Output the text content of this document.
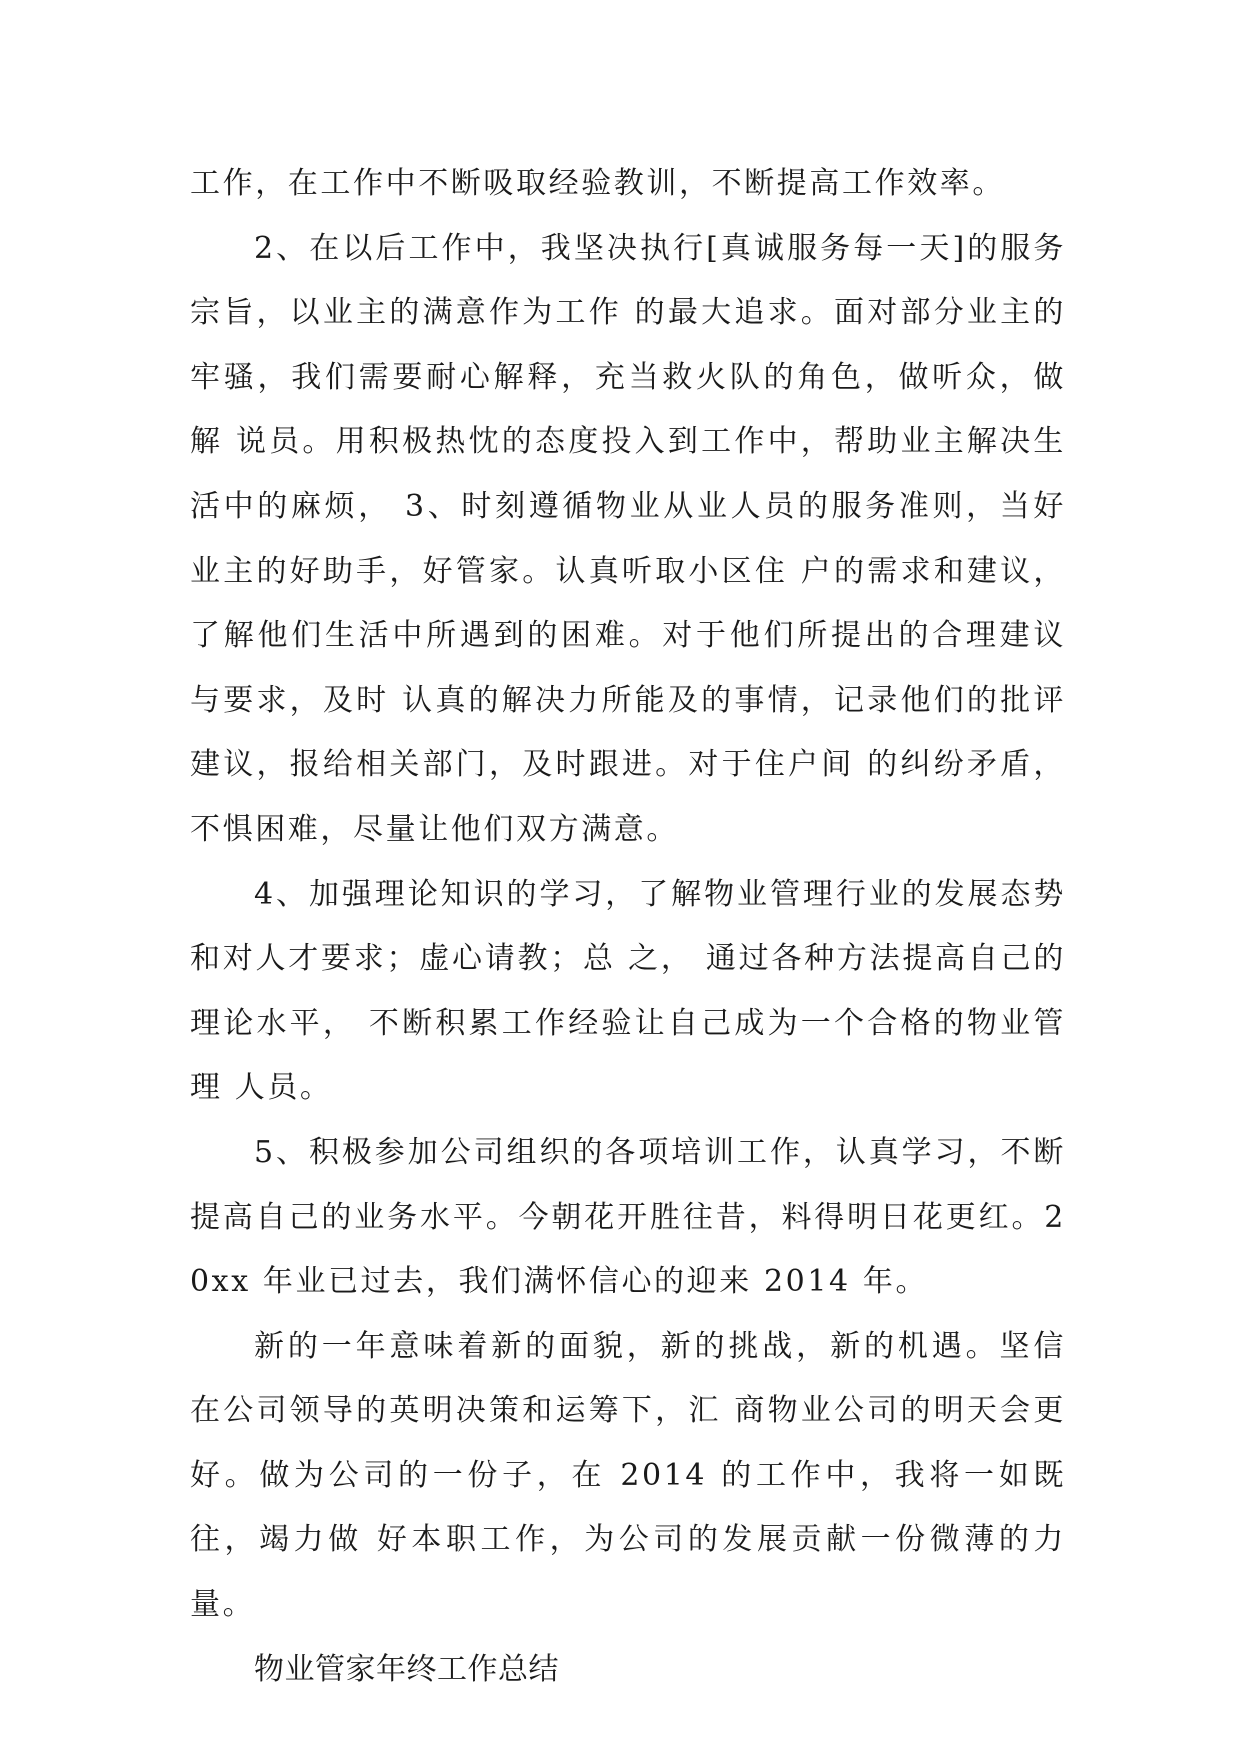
工作，在工作中不断吸取经验教训，不断提高工作效率。

2、在以后工作中，我坚决执行[真诚服务每一天]的服务宗旨，以业主的满意作为工作 的最大追求。面对部分业主的牢骚，我们需要耐心解释，充当救火队的角色，做听众，做解 说员。用积极热忱的态度投入到工作中，帮助业主解决生活中的麻烦， 3、时刻遵循物业从业人员的服务准则，当好业主的好助手，好管家。认真听取小区住 户的需求和建议，了解他们生活中所遇到的困难。对于他们所提出的合理建议与要求，及时 认真的解决力所能及的事情，记录他们的批评建议，报给相关部门，及时跟进。对于住户间 的纠纷矛盾，不惧困难，尽量让他们双方满意。

4、加强理论知识的学习，了解物业管理行业的发展态势和对人才要求；虚心请教；总 之， 通过各种方法提高自己的理论水平， 不断积累工作经验让自己成为一个合格的物业管理 人员。

5、积极参加公司组织的各项培训工作，认真学习，不断提高自己的业务水平。今朝花开胜往昔，料得明日花更红。20xx 年业已过去，我们满怀信心的迎来 2014 年。

新的一年意味着新的面貌，新的挑战，新的机遇。坚信在公司领导的英明决策和运筹下，汇 商物业公司的明天会更好。做为公司的一份子，在 2014 的工作中，我将一如既往，竭力做 好本职工作，为公司的发展贡献一份微薄的力量。

物业管家年终工作总结
